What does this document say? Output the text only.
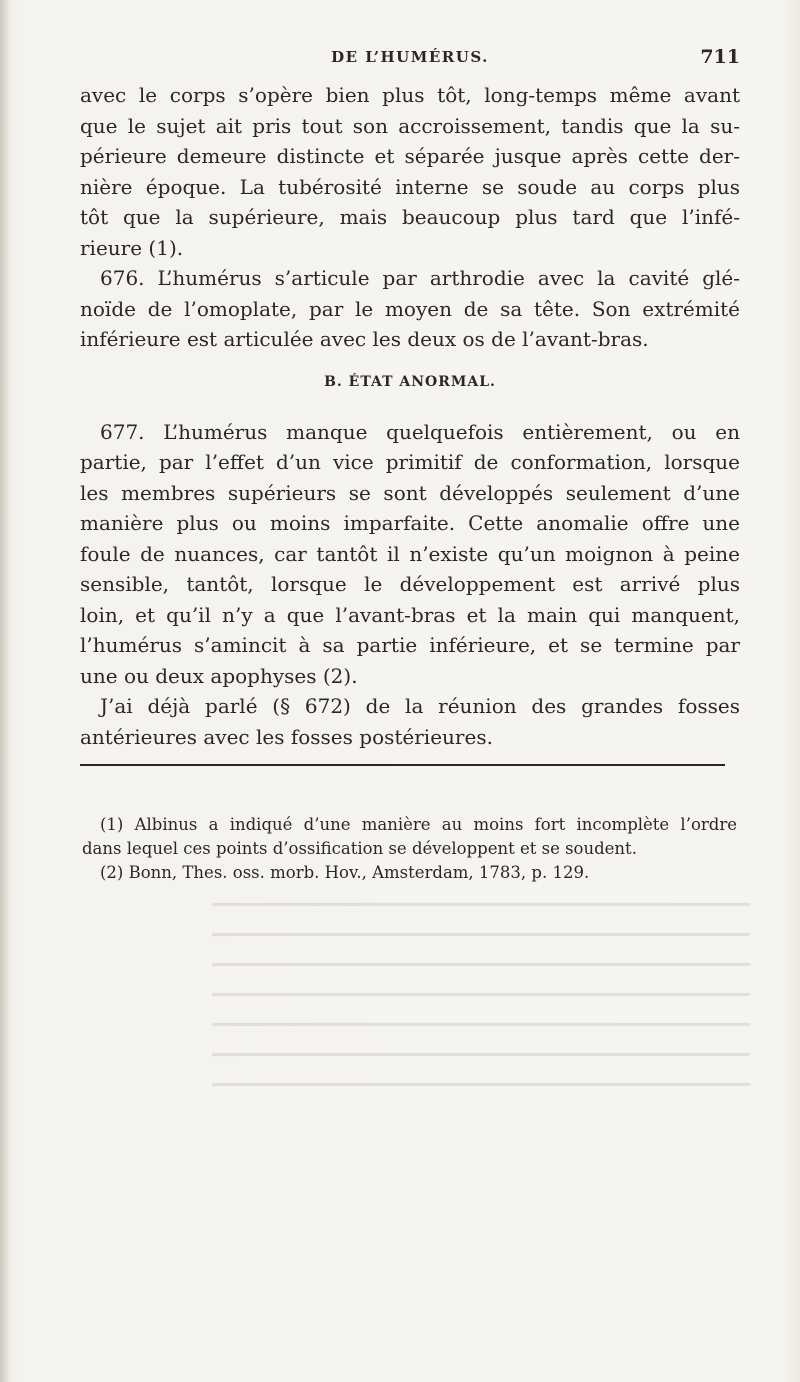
DE L’HUMÉRUS.	711
avec le corps s’opère bien plus tôt, long-temps même avant
que le sujet ait pris tout son accroissement, tandis que la su-
périeure demeure distincte et séparée jusque après cette der-
nière époque. La tubérosité interne se soude au corps plus
tôt que la supérieure, mais beaucoup plus tard que l’infé-
rieure (1).
676. L’humérus s’articule par arthrodie avec la cavité glé-
noïde de l’omoplate, par le moyen de sa tête. Son extrémité
inférieure est articulée avec les deux os de l’avant-bras.
B. ÉTAT ANORMAL.
677. L’humérus manque quelquefois entièrement, ou en
partie, par l’effet d’un vice primitif de conformation, lorsque
les membres supérieurs se sont développés seulement d’une
manière plus ou moins imparfaite. Cette anomalie offre une
foule de nuances, car tantôt il n’existe qu’un moignon à peine
sensible, tantôt, lorsque le développement est arrivé plus
loin, et qu’il n’y a que l’avant-bras et la main qui manquent,
l’humérus s’amincit à sa partie inférieure, et se termine par
une ou deux apophyses (2).
J’ai déjà parlé (§ 672) de la réunion des grandes fosses
antérieures avec les fosses postérieures.
(1) Albinus a indiqué d’une manière au moins fort incomplète l’ordre
dans lequel ces points d’ossification se développent et se soudent.
(2) Bonn, Thes. oss. morb. Hov., Amsterdam, 1783, p. 129.
━━━━━━━━━━━━━━━━━━━━━━━━━━━━━━━━━━━━━━━━━━━━━━━
━━━━━━━━━━━━━━━━━━━━━━━━━━━━━━━━━━━━━━━━━━━━━━━
━━━━━━━━━━━━━━━━━━━━━━━━━━━━━━━━━━━━━━━━━━━━━━━
━━━━━━━━━━━━━━━━━━━━━━━━━━━━━━━━━━━━━━━━━━━━━━━
━━━━━━━━━━━━━━━━━━━━━━━━━━━━━━━━━━━━━━━━━━━━━━━
━━━━━━━━━━━━━━━━━━━━━━━━━━━━━━━━━━━━━━━━━━━━━━━
━━━━━━━━━━━━━━━━━━━━━━━━━━━━━━━━━━━━━━━━━━━━━━━
